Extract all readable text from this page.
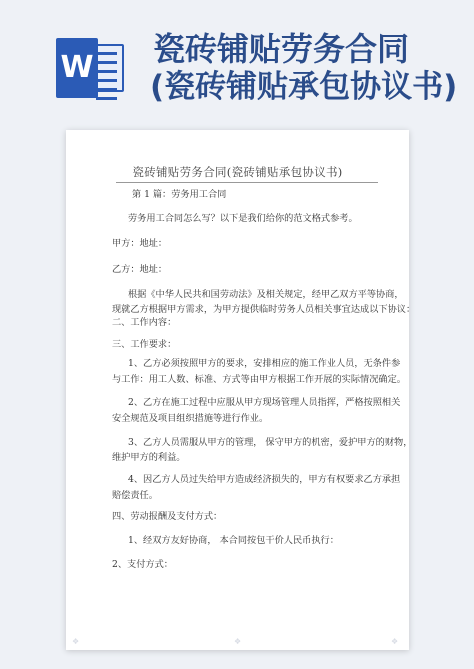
W 瓷砖铺贴劳务合同
(瓷砖铺贴承包协议书)
瓷砖铺贴劳务合同(瓷砖铺贴承包协议书)
第 1 篇：劳务用工合同
劳务用工合同怎么写？以下是我们给你的范文格式参考。
甲方：地址：
乙方：地址：
根据《中华人民共和国劳动法》及相关规定，经甲乙双方平等协商，
现就乙方根据甲方需求，为甲方提供临时劳务人员相关事宜达成以下协议：
二、工作内容：
三、工作要求：
1、乙方必须按照甲方的要求，安排相应的施工作业人员，无条件参
与工作：用工人数、标准、方式等由甲方根据工作开展的实际情况确定。
2、乙方在施工过程中应服从甲方现场管理人员指挥，严格按照相关
安全规范及项目组织措施等进行作业。
3、乙方人员需服从甲方的管理， 保守甲方的机密，爱护甲方的财物，
维护甲方的利益。
4、因乙方人员过失给甲方造成经济损失的，甲方有权要求乙方承担
赔偿责任。
四、劳动报酬及支付方式：
1、经双方友好协商， 本合同按包干价人民币执行：
2、支付方式：
❖	❖	❖
